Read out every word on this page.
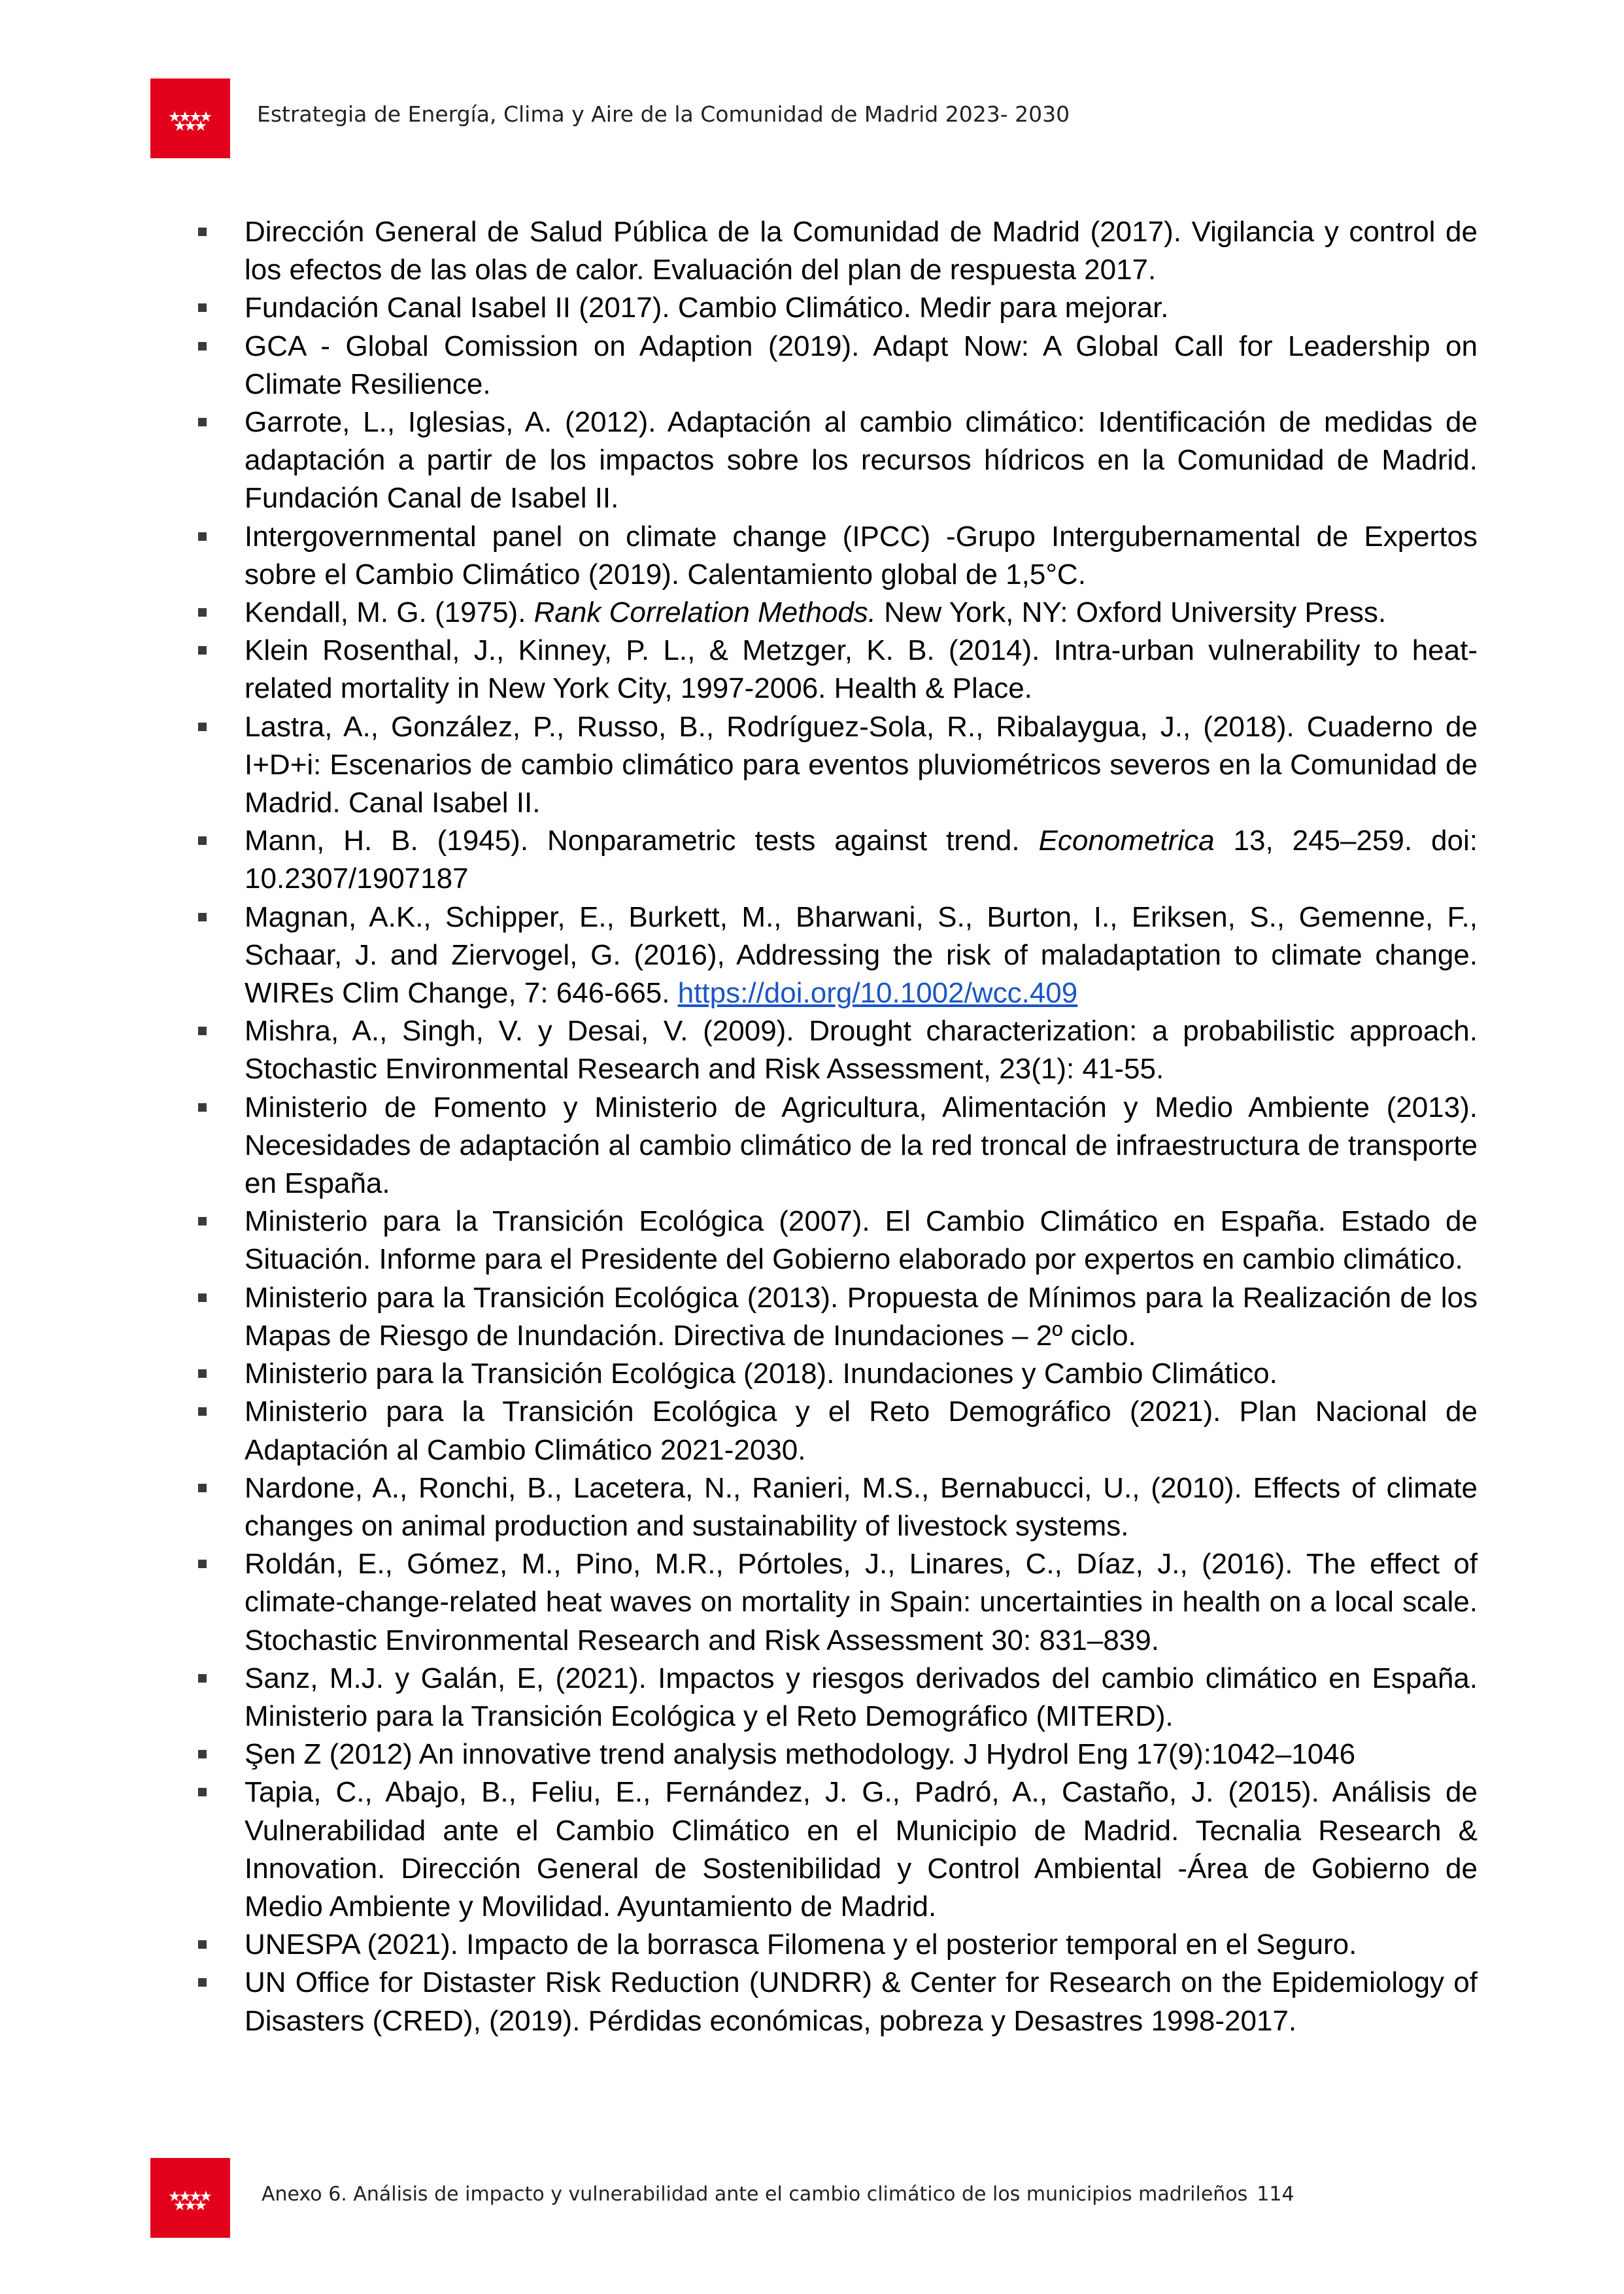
Estrategia de Energía, Clima y Aire de la Comunidad de Madrid 2023- 2030
Dirección General de Salud Pública de la Comunidad de Madrid (2017). Vigilancia y control de los efectos de las olas de calor. Evaluación del plan de respuesta 2017.
Fundación Canal Isabel II (2017). Cambio Climático. Medir para mejorar.
GCA - Global Comission on Adaption (2019). Adapt Now: A Global Call for Leadership on Climate Resilience.
Garrote, L., Iglesias, A. (2012). Adaptación al cambio climático: Identificación de medidas de adaptación a partir de los impactos sobre los recursos hídricos en la Comunidad de Madrid. Fundación Canal de Isabel II.
Intergovernmental panel on climate change (IPCC) -Grupo Intergubernamental de Expertos sobre el Cambio Climático (2019). Calentamiento global de 1,5°C.
Kendall, M. G. (1975). Rank Correlation Methods. New York, NY: Oxford University Press.
Klein Rosenthal, J., Kinney, P. L., & Metzger, K. B. (2014). Intra-urban vulnerability to heat-related mortality in New York City, 1997-2006. Health & Place.
Lastra, A., González, P., Russo, B., Rodríguez-Sola, R., Ribalaygua, J., (2018). Cuaderno de I+D+i: Escenarios de cambio climático para eventos pluviométricos severos en la Comunidad de Madrid. Canal Isabel II.
Mann, H. B. (1945). Nonparametric tests against trend. Econometrica 13, 245–259. doi: 10.2307/1907187
Magnan, A.K., Schipper, E., Burkett, M., Bharwani, S., Burton, I., Eriksen, S., Gemenne, F., Schaar, J. and Ziervogel, G. (2016), Addressing the risk of maladaptation to climate change. WIREs Clim Change, 7: 646-665. https://doi.org/10.1002/wcc.409
Mishra, A., Singh, V. y Desai, V. (2009). Drought characterization: a probabilistic approach. Stochastic Environmental Research and Risk Assessment, 23(1): 41-55.
Ministerio de Fomento y Ministerio de Agricultura, Alimentación y Medio Ambiente (2013). Necesidades de adaptación al cambio climático de la red troncal de infraestructura de transporte en España.
Ministerio para la Transición Ecológica (2007). El Cambio Climático en España. Estado de Situación. Informe para el Presidente del Gobierno elaborado por expertos en cambio climático.
Ministerio para la Transición Ecológica (2013). Propuesta de Mínimos para la Realización de los Mapas de Riesgo de Inundación. Directiva de Inundaciones – 2º ciclo.
Ministerio para la Transición Ecológica (2018). Inundaciones y Cambio Climático.
Ministerio para la Transición Ecológica y el Reto Demográfico (2021). Plan Nacional de Adaptación al Cambio Climático 2021-2030.
Nardone, A., Ronchi, B., Lacetera, N., Ranieri, M.S., Bernabucci, U., (2010). Effects of climate changes on animal production and sustainability of livestock systems.
Roldán, E., Gómez, M., Pino, M.R., Pórtoles, J., Linares, C., Díaz, J., (2016). The effect of climate-change-related heat waves on mortality in Spain: uncertainties in health on a local scale. Stochastic Environmental Research and Risk Assessment 30: 831–839.
Sanz, M.J. y Galán, E, (2021). Impactos y riesgos derivados del cambio climático en España. Ministerio para la Transición Ecológica y el Reto Demográfico (MITERD).
Şen Z (2012) An innovative trend analysis methodology. J Hydrol Eng 17(9):1042–1046
Tapia, C., Abajo, B., Feliu, E., Fernández, J. G., Padró, A., Castaño, J. (2015). Análisis de Vulnerabilidad ante el Cambio Climático en el Municipio de Madrid. Tecnalia Research & Innovation. Dirección General de Sostenibilidad y Control Ambiental -Área de Gobierno de Medio Ambiente y Movilidad. Ayuntamiento de Madrid.
UNESPA (2021). Impacto de la borrasca Filomena y el posterior temporal en el Seguro.
UN Office for Distaster Risk Reduction (UNDRR) & Center for Research on the Epidemiology of Disasters (CRED), (2019). Pérdidas económicas, pobreza y Desastres 1998-2017.
Anexo 6. Análisis de impacto y vulnerabilidad ante el cambio climático de los municipios madrileños 114
